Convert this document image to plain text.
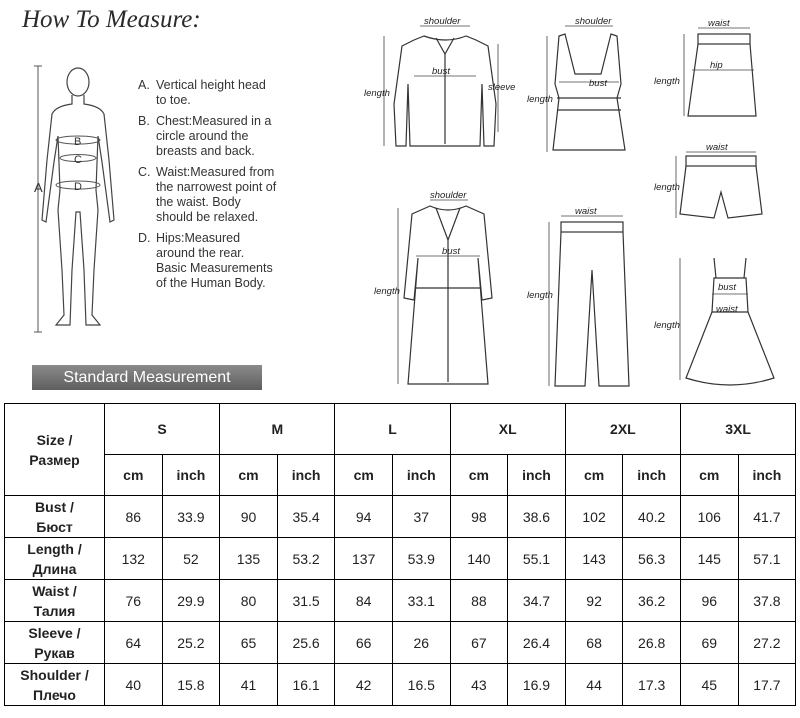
How To Measure:
A
B
C
D
A. Vertical height head to toe.
B. Chest:Measured in a circle around the breasts and back.
C. Waist:Measured from the narrowest point of the waist. Body should be relaxed.
D. Hips:Measured around the rear. Basic Measurements of the Human Body.
Standard Measurement
shoulder
bust
sleeve
length
shoulder
bust
length
waist
hip
length
waist
length
shoulder
bust
length
waist
length
bust
waist
length
Size /
Размер	S		M		L		XL		2XL		3XL	
	cm	inch	cm	inch	cm	inch	cm	inch	cm	inch	cm	inch

Bust /
Бюст	86	33.9	90	35.4	94	37	98	38.6	102	40.2	106	41.7

Length /
Длина	132	52	135	53.2	137	53.9	140	55.1	143	56.3	145	57.1

Waist /
Талия	76	29.9	80	31.5	84	33.1	88	34.7	92	36.2	96	37.8

Sleeve /
Рукав	64	25.2	65	25.6	66	26	67	26.4	68	26.8	69	27.2

Shoulder /
Плечо	40	15.8	41	16.1	42	16.5	43	16.9	44	17.3	45	17.7
